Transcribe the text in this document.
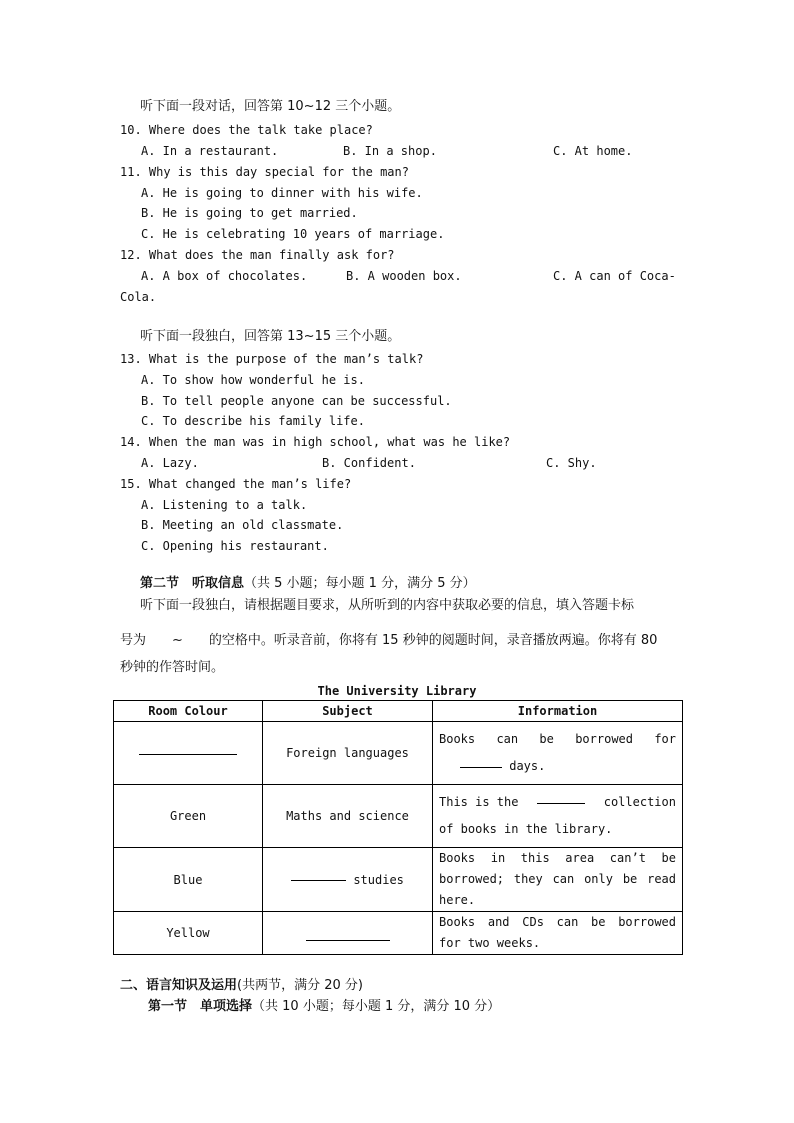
听下面一段对话，回答第 10~12 三个小题。
10. Where does the talk take place?
A. In a restaurant.	B. In a shop.	C. At home.
11. Why is this day special for the man?
A. He is going to dinner with his wife.
B. He is going to get married.
C. He is celebrating 10 years of marriage.
12. What does the man finally ask for?
A. A box of chocolates.	B. A wooden box.	C. A can of Coca-
Cola.
听下面一段独白，回答第 13~15 三个小题。
13. What is the purpose of the man’s talk?
A. To show how wonderful he is.
B. To tell people anyone can be successful.
C. To describe his family life.
14. When the man was in high school, what was he like?
A. Lazy.	B. Confident.	C. Shy.
15. What changed the man’s life?
A. Listening to a talk.
B. Meeting an old classmate.
C. Opening his restaurant.
第二节　听取信息（共 5 小题；每小题 1 分，满分 5 分）
听下面一段独白，请根据题目要求，从所听到的内容中获取必要的信息，填入答题卡标
号为　　~　　的空格中。听录音前，你将有 15 秒钟的阅题时间，录音播放两遍。你将有 80
秒钟的作答时间。
The University Library
Room Colour	Subject	Information
	Foreign languages	Books can be borrowed for
days.

Green	Maths and science	This is the collection
of books in the library.

Blue	studies	Books in this area can’t be borrowed; they can only be read here.
Yellow		Books and CDs can be borrowed for two weeks.
二、语言知识及运用(共两节，满分 20 分)
第一节　单项选择（共 10 小题；每小题 1 分，满分 10 分）
